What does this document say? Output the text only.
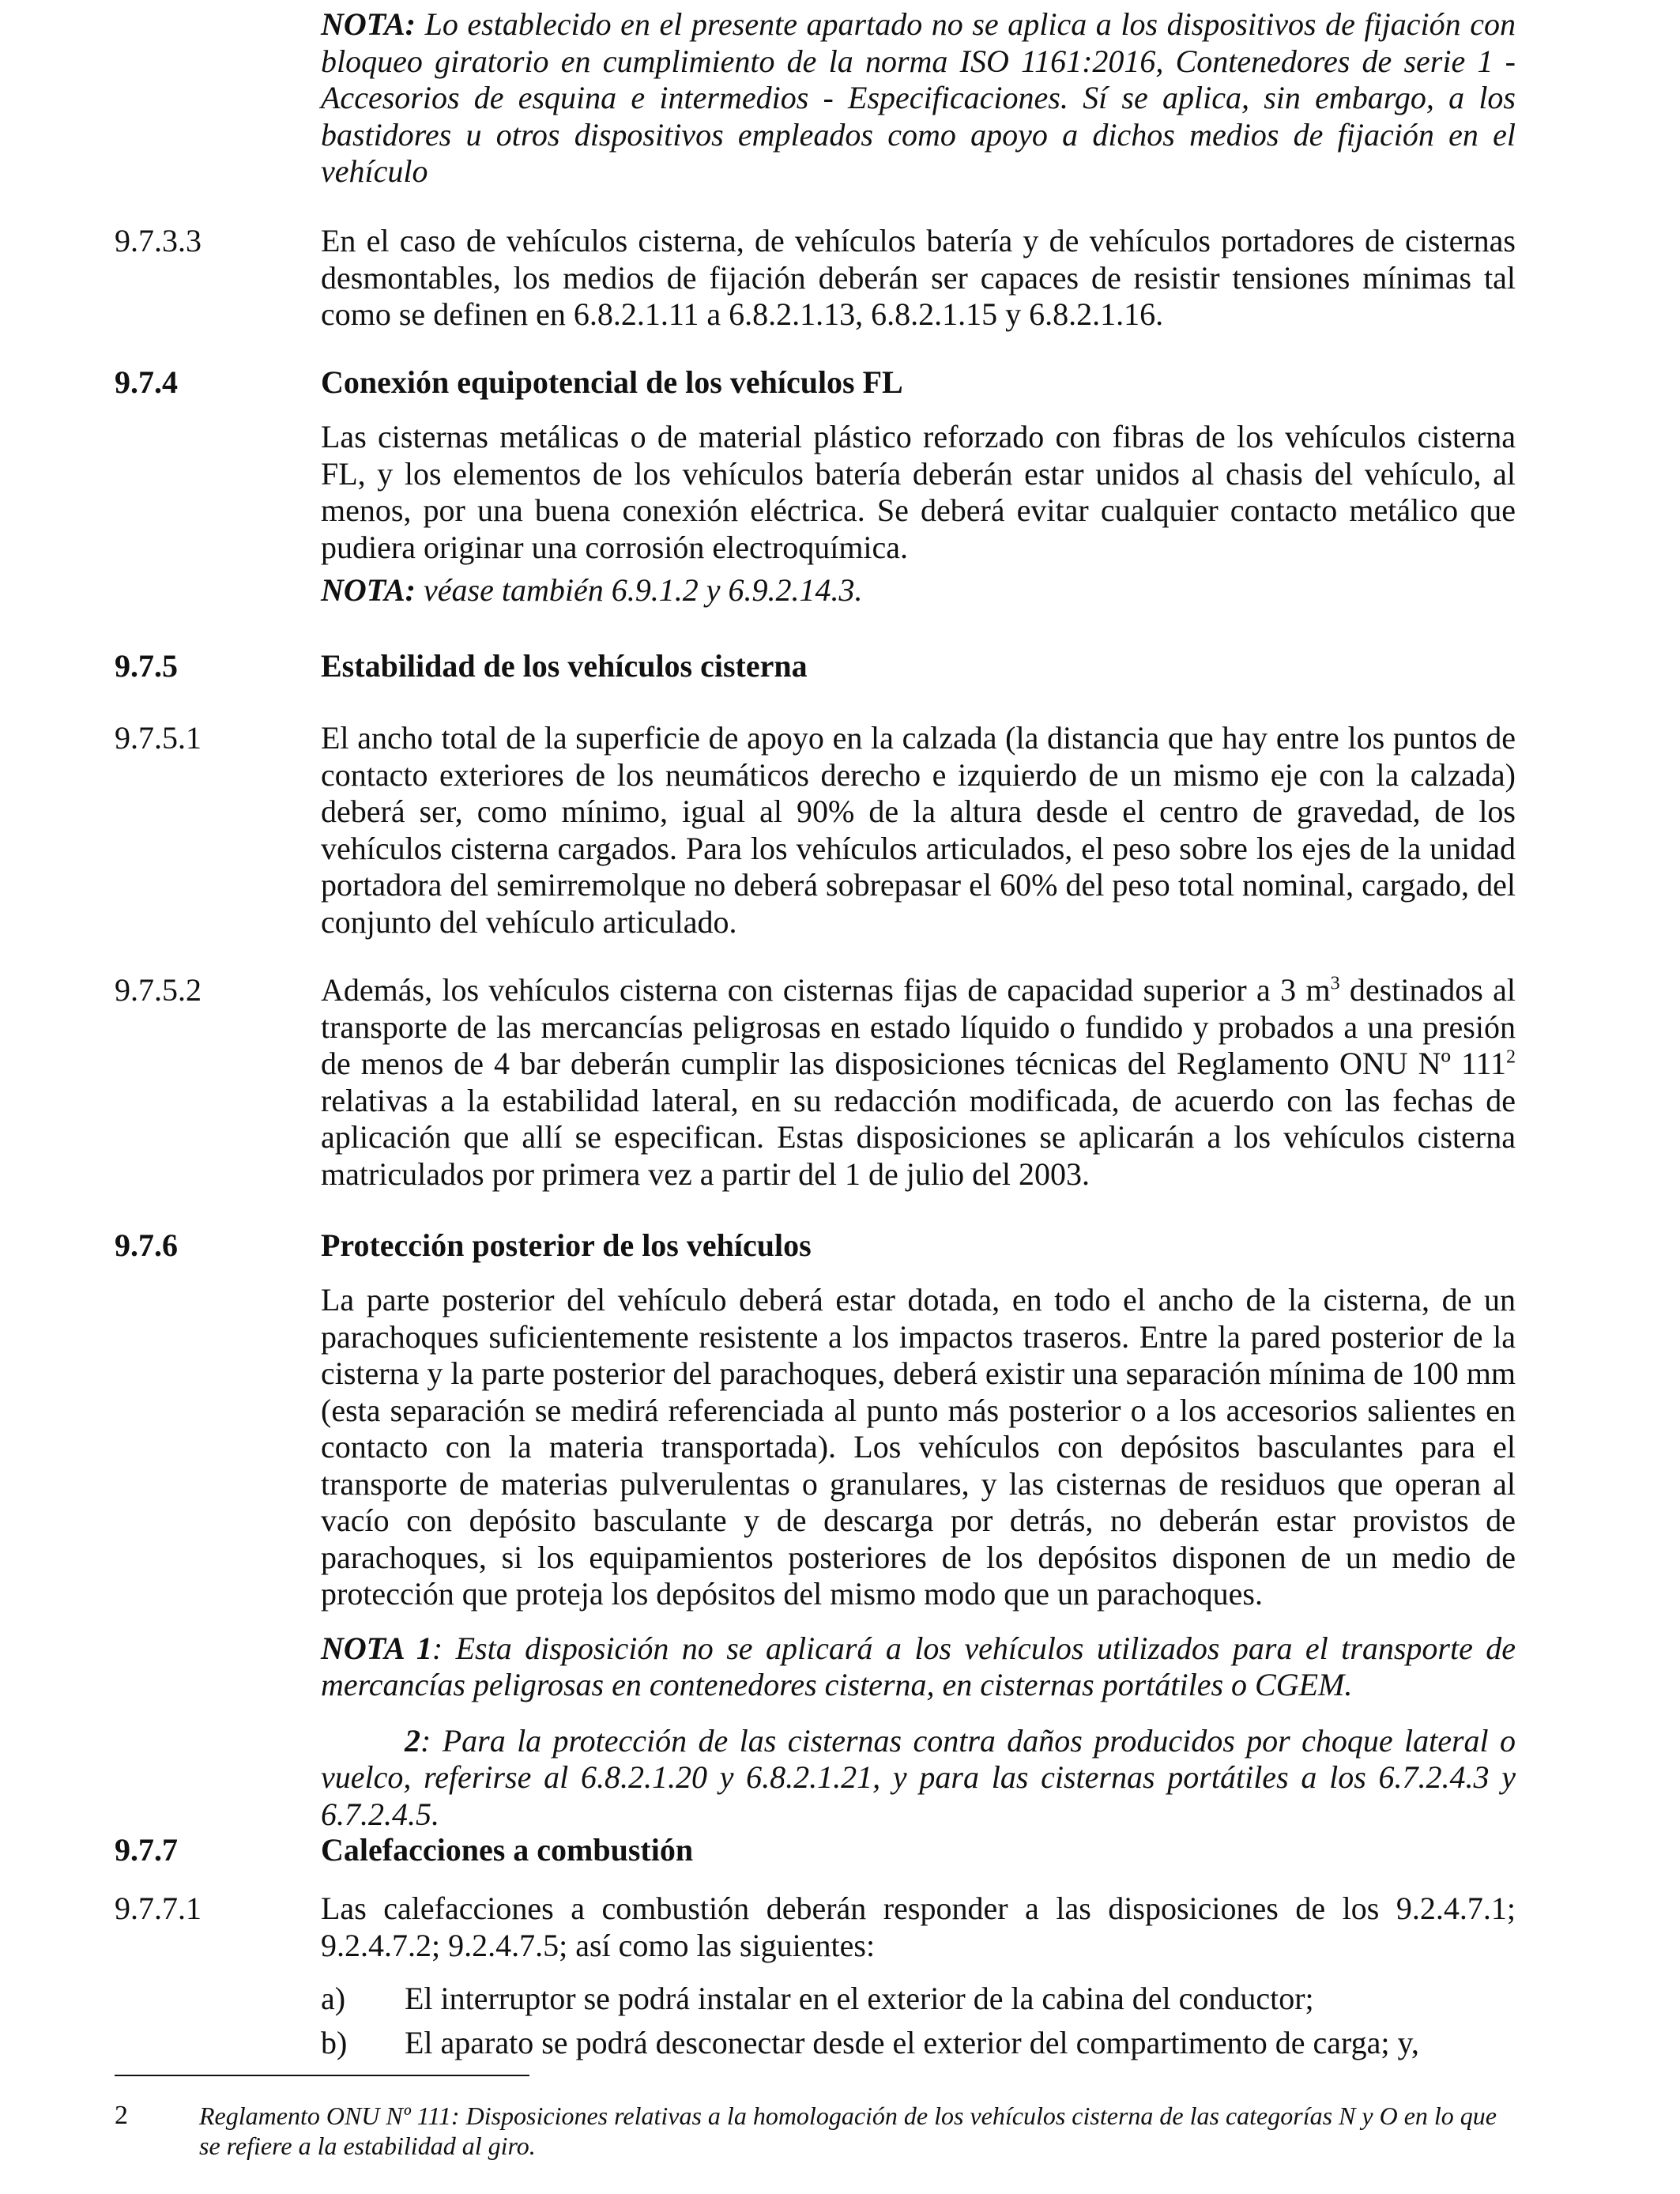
NOTA: Lo establecido en el presente apartado no se aplica a los dispositivos de fijación con bloqueo giratorio en cumplimiento de la norma ISO 1161:2016, Contenedores de serie 1 - Accesorios de esquina e intermedios - Especificaciones. Sí se aplica, sin embargo, a los bastidores u otros dispositivos empleados como apoyo a dichos medios de fijación en el vehículo

9.7.3.3	En el caso de vehículos cisterna, de vehículos batería y de vehículos portadores de cisternas desmontables, los medios de fijación deberán ser capaces de resistir tensiones mínimas tal como se definen en 6.8.2.1.11 a 6.8.2.1.13, 6.8.2.1.15 y 6.8.2.1.16.

9.7.4	Conexión equipotencial de los vehículos FL

Las cisternas metálicas o de material plástico reforzado con fibras de los vehículos cisterna FL, y los elementos de los vehículos batería deberán estar unidos al chasis del vehículo, al menos, por una buena conexión eléctrica. Se deberá evitar cualquier contacto metálico que pudiera originar una corrosión electroquímica.

NOTA: véase también 6.9.1.2 y 6.9.2.14.3.

9.7.5	Estabilidad de los vehículos cisterna
9.7.5.1	El ancho total de la superficie de apoyo en la calzada (la distancia que hay entre los puntos de contacto exteriores de los neumáticos derecho e izquierdo de un mismo eje con la calzada) deberá ser, como mínimo, igual al 90% de la altura desde el centro de gravedad, de los vehículos cisterna cargados. Para los vehículos articulados, el peso sobre los ejes de la unidad portadora del semirremolque no deberá sobrepasar el 60% del peso total nominal, cargado, del conjunto del vehículo articulado.

9.7.5.2	Además, los vehículos cisterna con cisternas fijas de capacidad superior a 3 $m^3$ destinados al transporte de las mercancías peligrosas en estado líquido o fundido y probados a una presión de menos de 4 bar deberán cumplir las disposiciones técnicas del Reglamento ONU Nº $111^2$ relativas a la estabilidad lateral, en su redacción modificada, de acuerdo con las fechas de aplicación que allí se especifican. Estas disposiciones se aplicarán a los vehículos cisterna matriculados por primera vez a partir del 1 de julio del 2003.

9.7.6	Protección posterior de los vehículos

La parte posterior del vehículo deberá estar dotada, en todo el ancho de la cisterna, de un parachoques suficientemente resistente a los impactos traseros. Entre la pared posterior de la cisterna y la parte posterior del parachoques, deberá existir una separación mínima de 100 mm (esta separación se medirá referenciada al punto más posterior o a los accesorios salientes en contacto con la materia transportada). Los vehículos con depósitos basculantes para el transporte de materias pulverulentas o granulares, y las cisternas de residuos que operan al vacío con depósito basculante y de descarga por detrás, no deberán estar provistos de parachoques, si los equipamientos posteriores de los depósitos disponen de un medio de protección que proteja los depósitos del mismo modo que un parachoques.

NOTA 1: Esta disposición no se aplicará a los vehículos utilizados para el transporte de mercancías peligrosas en contenedores cisterna, en cisternas portátiles o CGEM.

2: Para la protección de las cisternas contra daños producidos por choque lateral o vuelco, referirse al 6.8.2.1.20 y 6.8.2.1.21, y para las cisternas portátiles a los 6.7.2.4.3 y 6.7.2.4.5.

9.7.7	Calefacciones a combustión
9.7.7.1	Las calefacciones a combustión deberán responder a las disposiciones de los 9.2.4.7.1; 9.2.4.7.2; 9.2.4.7.5; así como las siguientes:

a) El interruptor se podrá instalar en el exterior de la cabina del conductor;
b) El aparato se podrá desconectar desde el exterior del compartimento de carga; y,
2	Reglamento ONU Nº 111: Disposiciones relativas a la homologación de los vehículos cisterna de las categorías N y O en lo que se refiere a la estabilidad al giro.
